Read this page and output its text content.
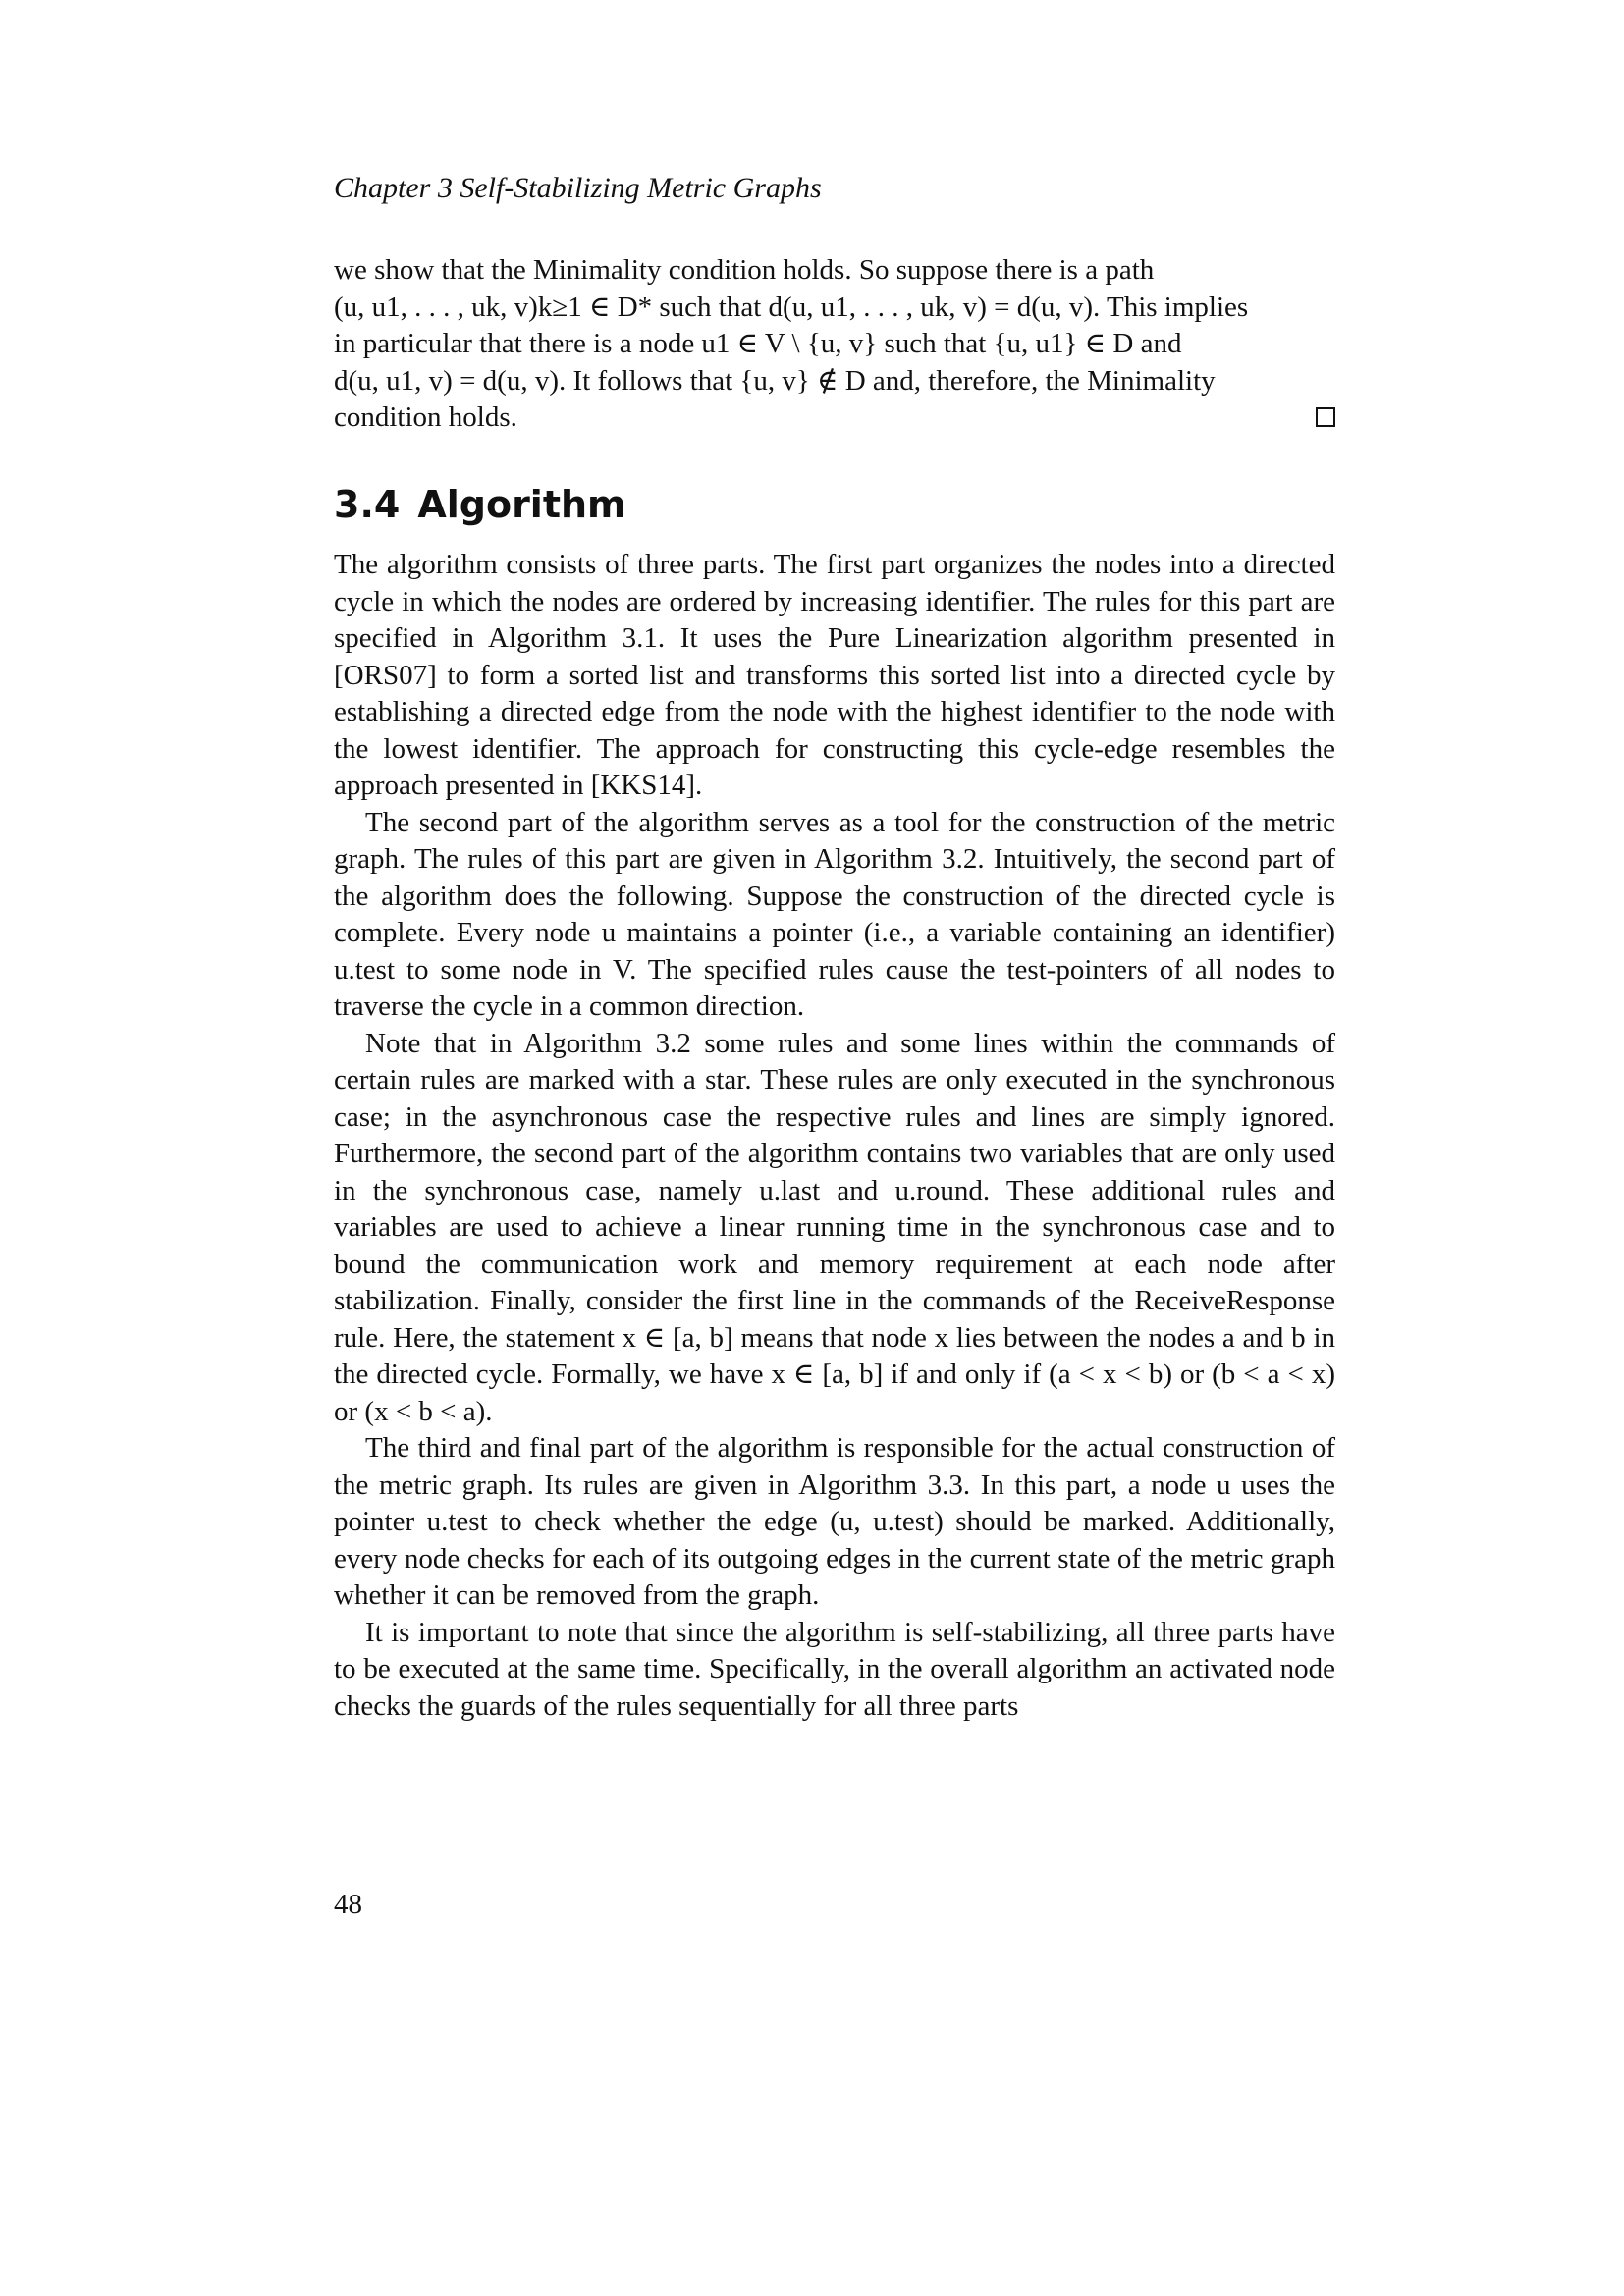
Chapter 3 Self-Stabilizing Metric Graphs
we show that the Minimality condition holds. So suppose there is a path
(u, u1, . . . , uk, v)k≥1 ∈ D* such that d(u, u1, . . . , uk, v) = d(u, v). This implies
in particular that there is a node u1 ∈ V \ {u, v} such that {u, u1} ∈ D and
d(u, u1, v) = d(u, v). It follows that {u, v} ∉ D and, therefore, the Minimality
condition holds.
3.4 Algorithm

The algorithm consists of three parts. The first part organizes the nodes into a directed cycle in which the nodes are ordered by increasing identifier. The rules for this part are specified in Algorithm 3.1. It uses the Pure Linearization algorithm presented in [ORS07] to form a sorted list and transforms this sorted list into a directed cycle by establishing a directed edge from the node with the highest identifier to the node with the lowest identifier. The approach for constructing this cycle-edge resembles the approach presented in [KKS14].

The second part of the algorithm serves as a tool for the construction of the metric graph. The rules of this part are given in Algorithm 3.2. Intuitively, the second part of the algorithm does the following. Suppose the construction of the directed cycle is complete. Every node u maintains a pointer (i.e., a variable containing an identifier) u.test to some node in V. The specified rules cause the test-pointers of all nodes to traverse the cycle in a common direction.

Note that in Algorithm 3.2 some rules and some lines within the commands of certain rules are marked with a star. These rules are only executed in the synchronous case; in the asynchronous case the respective rules and lines are simply ignored. Furthermore, the second part of the algorithm contains two variables that are only used in the synchronous case, namely u.last and u.round. These additional rules and variables are used to achieve a linear running time in the synchronous case and to bound the communication work and memory requirement at each node after stabilization. Finally, consider the first line in the commands of the ReceiveResponse rule. Here, the statement x ∈ [a, b] means that node x lies between the nodes a and b in the directed cycle. Formally, we have x ∈ [a, b] if and only if (a < x < b) or (b < a < x) or (x < b < a).

The third and final part of the algorithm is responsible for the actual construction of the metric graph. Its rules are given in Algorithm 3.3. In this part, a node u uses the pointer u.test to check whether the edge (u, u.test) should be marked. Additionally, every node checks for each of its outgoing edges in the current state of the metric graph whether it can be removed from the graph.

It is important to note that since the algorithm is self-stabilizing, all three parts have to be executed at the same time. Specifically, in the overall algorithm an activated node checks the guards of the rules sequentially for all three parts

48
